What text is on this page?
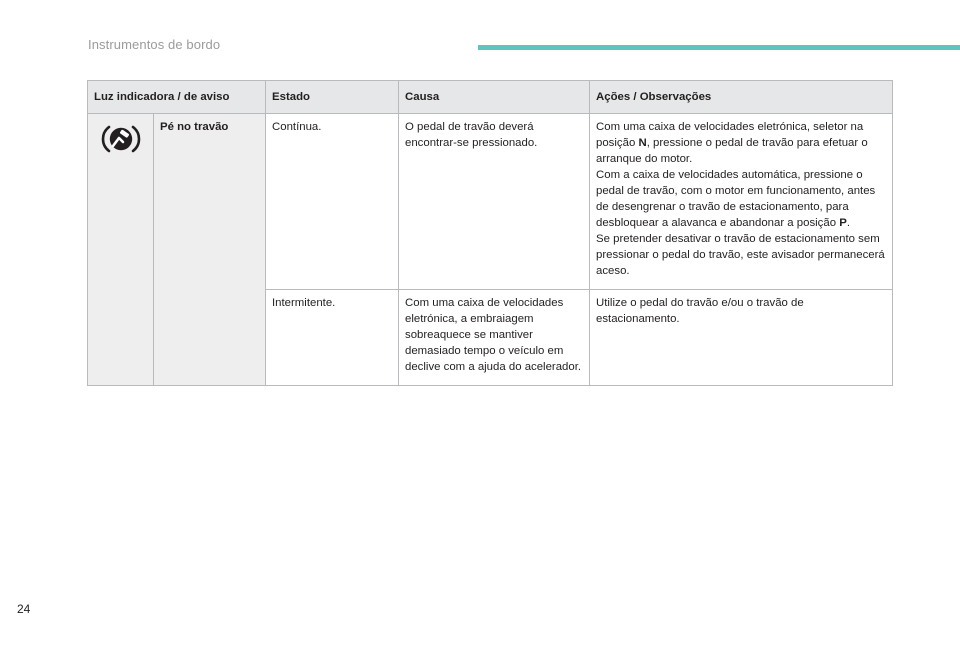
Instrumentos de bordo
Luz indicadora / de aviso		Estado	Causa	Ações / Observações
	Pé no travão	Contínua.	O pedal de travão deverá encontrar-se pressionado.	Com uma caixa de velocidades eletrónica, seletor na posição N, pressione o pedal de travão para efetuar o arranque do motor.
Com a caixa de velocidades automática, pressione o pedal de travão, com o motor em funcionamento, antes de desengrenar o travão de estacionamento, para desbloquear a alavanca e abandonar a posição P.
Se pretender desativar o travão de estacionamento sem pressionar o pedal do travão, este avisador permanecerá aceso.

		Intermitente.	Com uma caixa de velocidades eletrónica, a embraiagem sobreaquece se mantiver demasiado tempo o veículo em declive com a ajuda do acelerador.	Utilize o pedal do travão e/ou o travão de estacionamento.
24
